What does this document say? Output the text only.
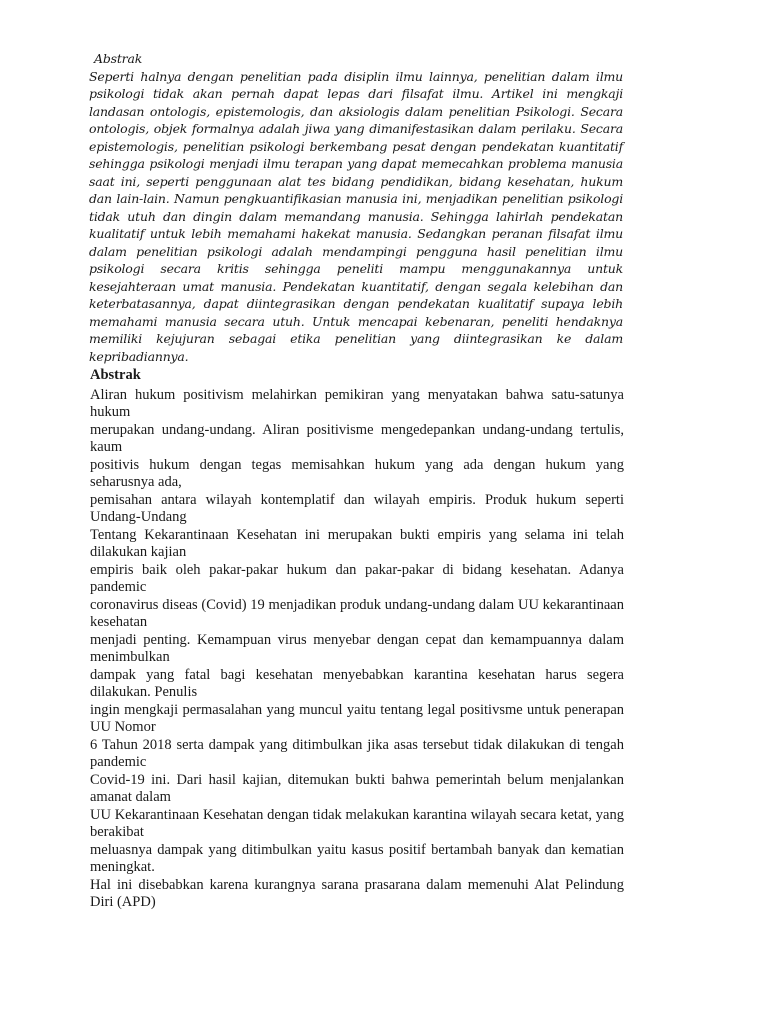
Abstrak

Seperti halnya dengan penelitian pada disiplin ilmu lainnya, penelitian dalam ilmu psikologi tidak akan pernah dapat lepas dari filsafat ilmu. Artikel ini mengkaji landasan ontologis, epistemologis, dan aksiologis dalam penelitian Psikologi. Secara ontologis, objek formalnya adalah jiwa yang dimanifestasikan dalam perilaku. Secara epistemologis, penelitian psikologi berkembang pesat dengan pendekatan kuantitatif sehingga psikologi menjadi ilmu terapan yang dapat memecahkan problema manusia saat ini, seperti penggunaan alat tes bidang pendidikan, bidang kesehatan, hukum dan lain-lain. Namun pengkuantifikasian manusia ini, menjadikan penelitian psikologi tidak utuh dan dingin dalam memandang manusia. Sehingga lahirlah pendekatan kualitatif untuk lebih memahami hakekat manusia. Sedangkan peranan filsafat ilmu dalam penelitian psikologi adalah mendampingi pengguna hasil penelitian ilmu psikologi secara kritis sehingga peneliti mampu menggunakannya untuk kesejahteraan umat manusia. Pendekatan kuantitatif, dengan segala kelebihan dan keterbatasannya, dapat diintegrasikan dengan pendekatan kualitatif supaya lebih memahami manusia secara utuh. Untuk mencapai kebenaran, peneliti hendaknya memiliki kejujuran sebagai etika penelitian yang diintegrasikan ke dalam kepribadiannya.

Abstrak

Aliran hukum positivism melahirkan pemikiran yang menyatakan bahwa satu-satunya hukum

merupakan undang-undang. Aliran positivisme mengedepankan undang-undang tertulis, kaum

positivis hukum dengan tegas memisahkan hukum yang ada dengan hukum yang seharusnya ada,

pemisahan antara wilayah kontemplatif dan wilayah empiris. Produk hukum seperti Undang-Undang

Tentang Kekarantinaan Kesehatan ini merupakan bukti empiris yang selama ini telah dilakukan kajian

empiris baik oleh pakar-pakar hukum dan pakar-pakar di bidang kesehatan. Adanya pandemic

coronavirus diseas (Covid) 19 menjadikan produk undang-undang dalam UU kekarantinaan kesehatan

menjadi penting. Kemampuan virus menyebar dengan cepat dan kemampuannya dalam menimbulkan

dampak yang fatal bagi kesehatan menyebabkan karantina kesehatan harus segera dilakukan. Penulis

ingin mengkaji permasalahan yang muncul yaitu tentang legal positivsme untuk penerapan UU Nomor

6 Tahun 2018 serta dampak yang ditimbulkan jika asas tersebut tidak dilakukan di tengah pandemic

Covid-19 ini. Dari hasil kajian, ditemukan bukti bahwa pemerintah belum menjalankan amanat dalam

UU Kekarantinaan Kesehatan dengan tidak melakukan karantina wilayah secara ketat, yang berakibat

meluasnya dampak yang ditimbulkan yaitu kasus positif bertambah banyak dan kematian meningkat.

Hal ini disebabkan karena kurangnya sarana prasarana dalam memenuhi Alat Pelindung Diri (APD)
